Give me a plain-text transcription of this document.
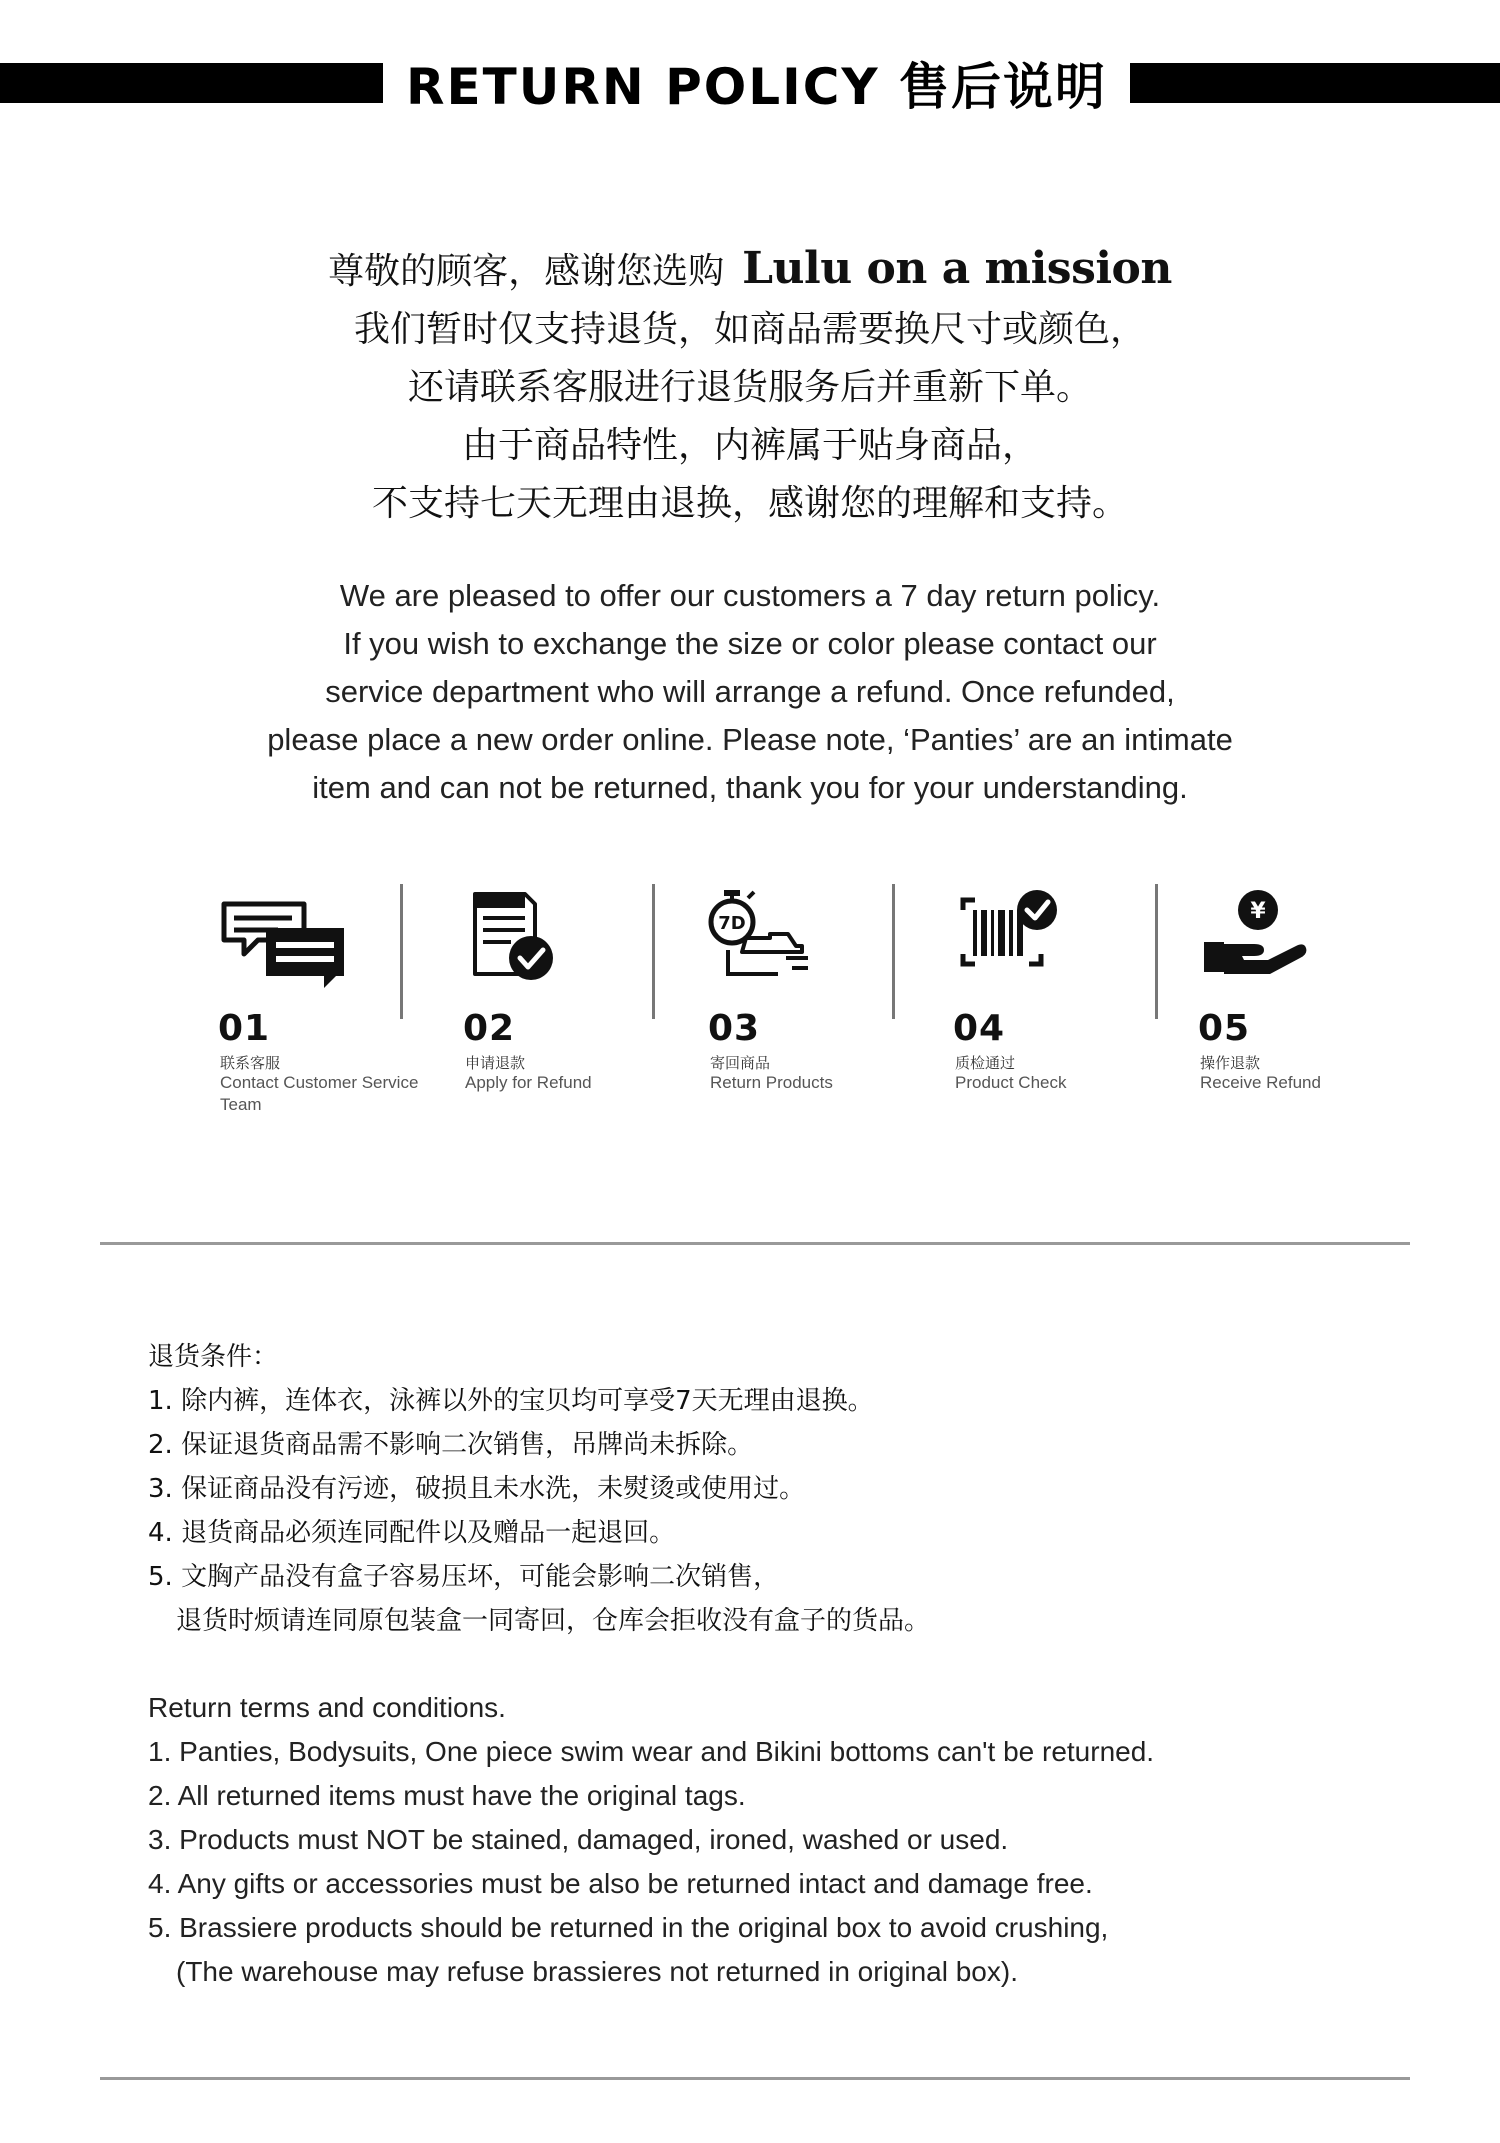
RETURN POLICY 售后说明
尊敬的顾客，感谢您选购 Lulu on a mission
我们暂时仅支持退货，如商品需要换尺寸或颜色，
还请联系客服进行退货服务后并重新下单。
由于商品特性，内裤属于贴身商品，
不支持七天无理由退换，感谢您的理解和支持。
We are pleased to offer our customers a 7 day return policy.
If you wish to exchange the size or color please contact our
service department who will arrange a refund. Once refunded,
please place a new order online. Please note, ‘Panties’ are an intimate
item and can not be returned, thank you for your understanding.
01
联系客服
Contact Customer Service Team
02
申请退款
Apply for Refund
7D
03
寄回商品
Return Products
04
质检通过
Product Check
¥
05
操作退款
Receive Refund
退货条件：
1. 除内裤，连体衣，泳裤以外的宝贝均可享受7天无理由退换。
2. 保证退货商品需不影响二次销售，吊牌尚未拆除。
3. 保证商品没有污迹，破损且未水洗，未熨烫或使用过。
4. 退货商品必须连同配件以及赠品一起退回。
5. 文胸产品没有盒子容易压坏，可能会影响二次销售，
退货时烦请连同原包装盒一同寄回，仓库会拒收没有盒子的货品。
Return terms and conditions.
1. Panties, Bodysuits, One piece swim wear and Bikini bottoms can't be returned.
2. All returned items must have the original tags.
3. Products must NOT be stained, damaged, ironed, washed or used.
4. Any gifts or accessories must be also be returned intact and damage free.
5. Brassiere products should be returned in the original box to avoid crushing,
(The warehouse may refuse brassieres not returned in original box).
